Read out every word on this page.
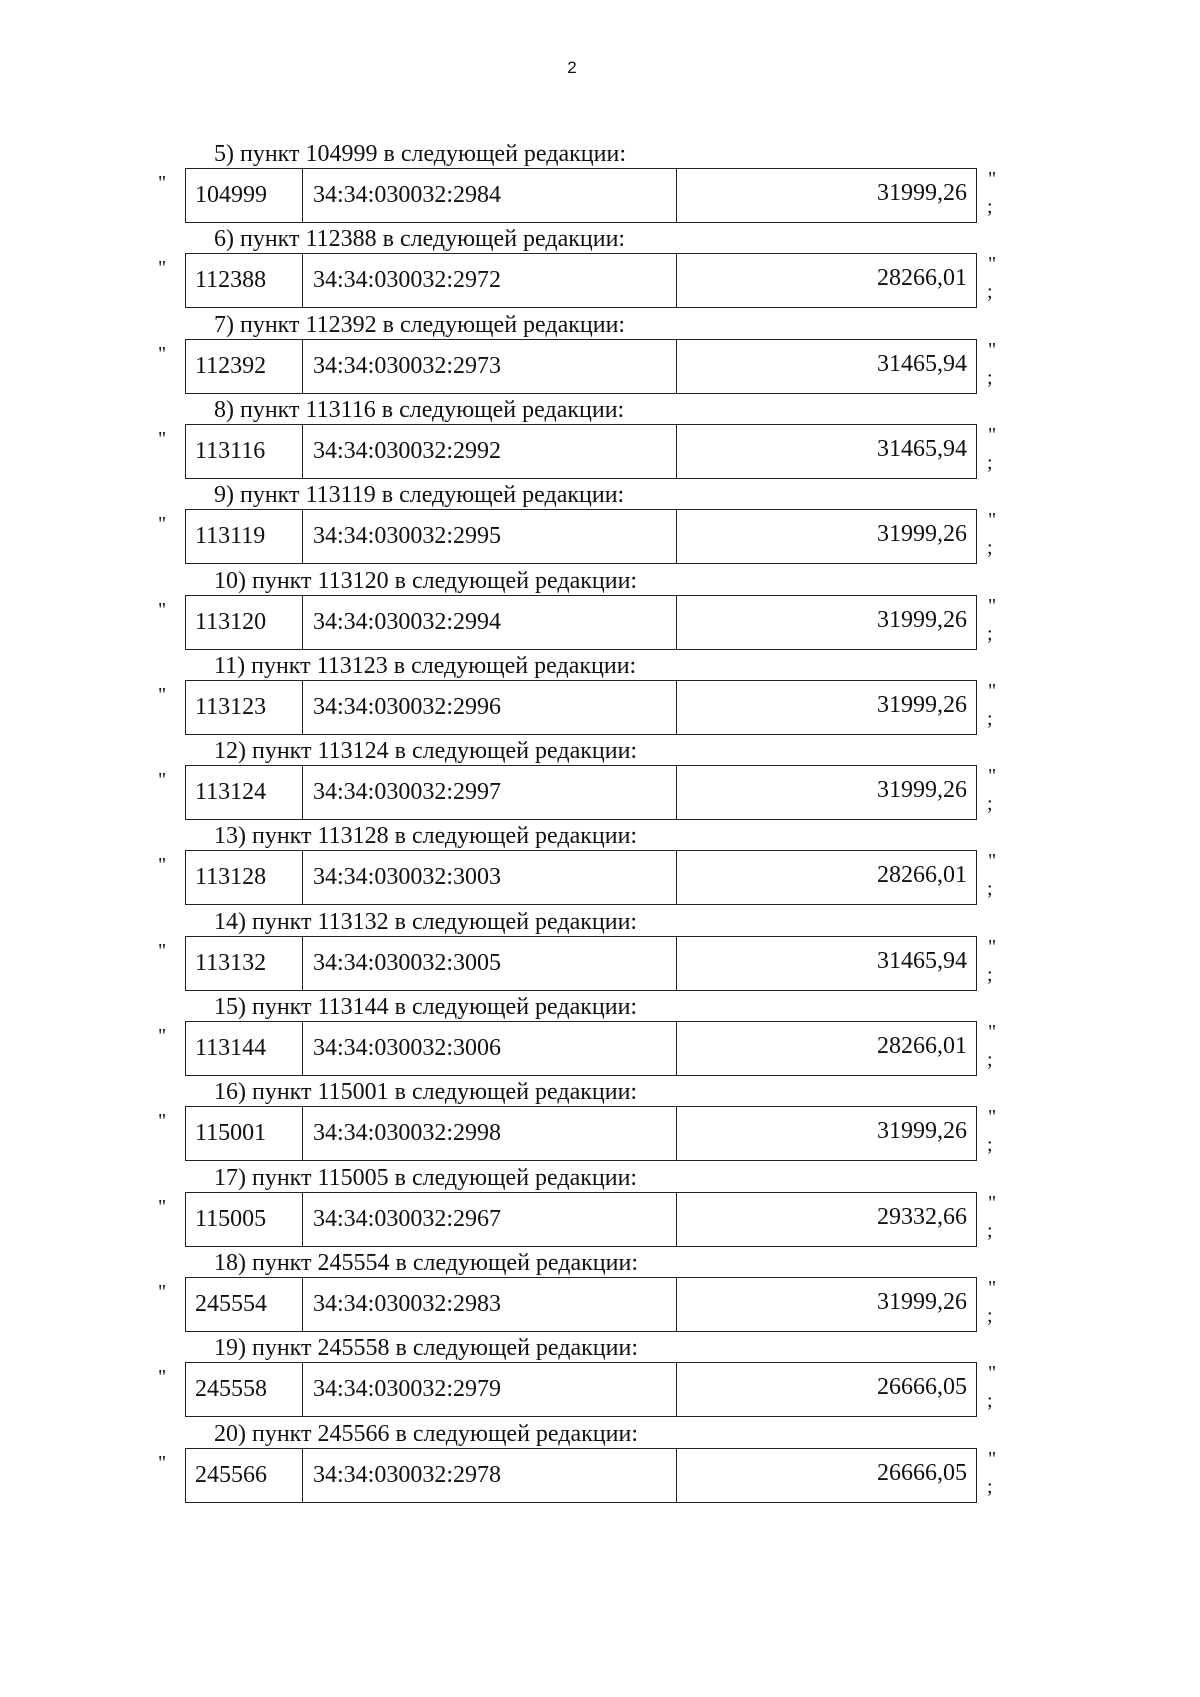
2
5) пункт 104999 в следующей редакции:
"	104999	34:34:030032:2984	31999,26
"
;
6) пункт 112388 в следующей редакции:
"	112388	34:34:030032:2972	28266,01
"
;
7) пункт 112392 в следующей редакции:
"	112392	34:34:030032:2973	31465,94
"
;
8) пункт 113116 в следующей редакции:
"	113116	34:34:030032:2992	31465,94
"
;
9) пункт 113119 в следующей редакции:
"	113119	34:34:030032:2995	31999,26
"
;
10) пункт 113120 в следующей редакции:
"	113120	34:34:030032:2994	31999,26
"
;
11) пункт 113123 в следующей редакции:
"	113123	34:34:030032:2996	31999,26
"
;
12) пункт 113124 в следующей редакции:
"	113124	34:34:030032:2997	31999,26
"
;
13) пункт 113128 в следующей редакции:
"	113128	34:34:030032:3003	28266,01
"
;
14) пункт 113132 в следующей редакции:
"	113132	34:34:030032:3005	31465,94
"
;
15) пункт 113144 в следующей редакции:
"	113144	34:34:030032:3006	28266,01
"
;
16) пункт 115001 в следующей редакции:
"	115001	34:34:030032:2998	31999,26
"
;
17) пункт 115005 в следующей редакции:
"	115005	34:34:030032:2967	29332,66
"
;
18) пункт 245554 в следующей редакции:
"	245554	34:34:030032:2983	31999,26
"
;
19) пункт 245558 в следующей редакции:
"	245558	34:34:030032:2979	26666,05
"
;
20) пункт 245566 в следующей редакции:
"	245566	34:34:030032:2978	26666,05
"
;
